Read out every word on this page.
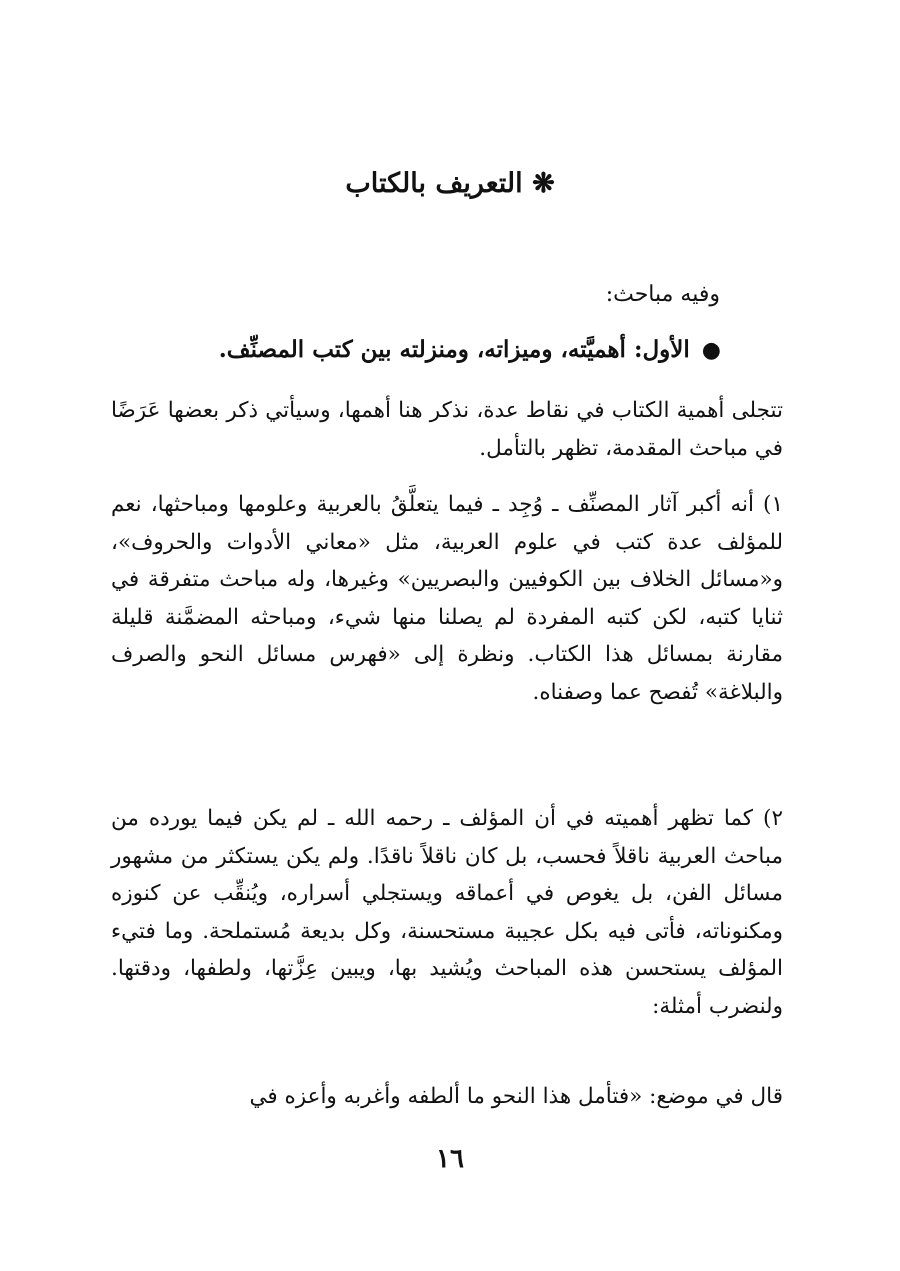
❋ التعريف بالكتاب
وفيه مباحث:
● الأول: أهميَّته، وميزاته، ومنزلته بين كتب المصنِّف.

تتجلى أهمية الكتاب في نقاط عدة، نذكر هنا أهمها، وسيأتي ذكر بعضها عَرَضًا في مباحث المقدمة، تظهر بالتأمل.

١) أنه أكبر آثار المصنِّف ـ وُجِد ـ فيما يتعلَّقُ بالعربية وعلومها ومباحثها، نعم للمؤلف عدة كتب في علوم العربية، مثل «معاني الأدوات والحروف»، و«مسائل الخلاف بين الكوفيين والبصريين» وغيرها، وله مباحث متفرقة في ثنايا كتبه، لكن كتبه المفردة لم يصلنا منها شيء، ومباحثه المضمَّنة قليلة مقارنة بمسائل هذا الكتاب. ونظرة إلى «فهرس مسائل النحو والصرف والبلاغة» تُفصح عما وصفناه.

٢) كما تظهر أهميته في أن المؤلف ـ رحمه الله ـ لم يكن فيما يورده من مباحث العربية ناقلاً فحسب، بل كان ناقلاً ناقدًا. ولم يكن يستكثر من مشهور مسائل الفن، بل يغوص في أعماقه ويستجلي أسراره، ويُنقِّب عن كنوزه ومكنوناته، فأتى فيه بكل عجيبة مستحسنة، وكل بديعة مُستملحة. وما فتيء المؤلف يستحسن هذه المباحث ويُشيد بها، ويبين عِزَّتها، ولطفها، ودقتها. ولنضرب أمثلة:

قال في موضع: «فتأمل هذا النحو ما ألطفه وأغربه وأعزه في

١٦
